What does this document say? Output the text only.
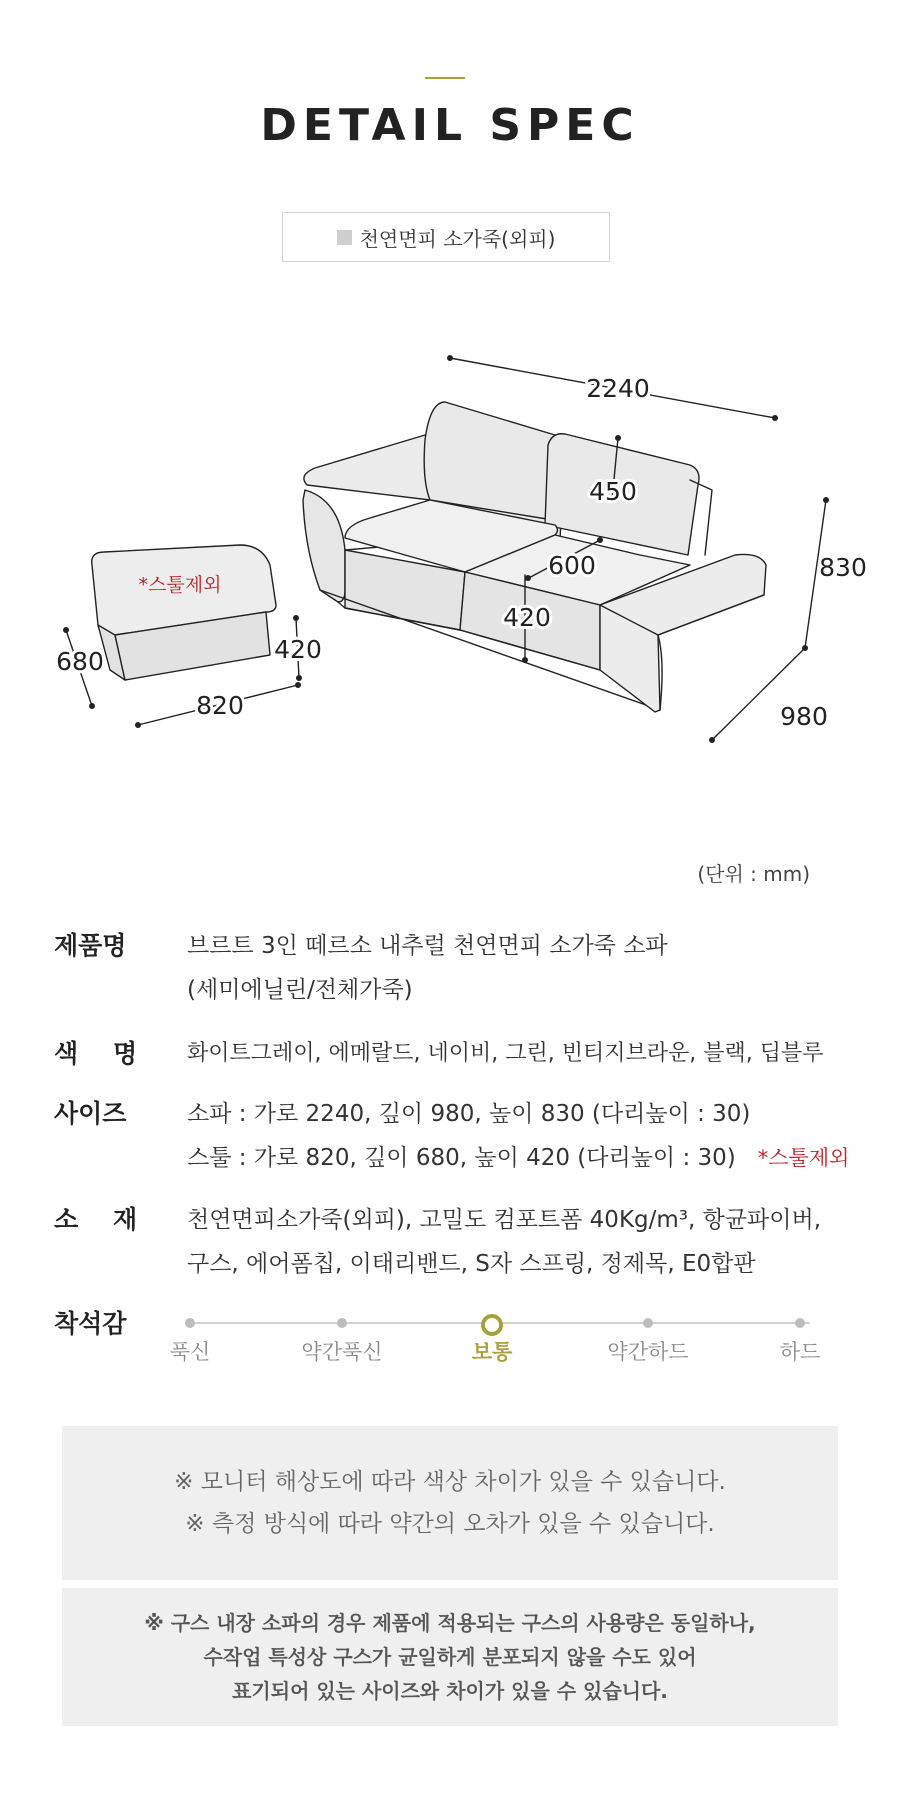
DETAIL SPEC
천연면피 소가죽(외피)
2240
450
600
420
830
980
*스툴제외
680	420
820
(단위 : mm)
제품명	브르트 3인 떼르소 내추럴 천연면피 소가죽 소파
(세미에닐린/전체가죽)
색    명 화이트그레이, 에메랄드, 네이비, 그린, 빈티지브라운, 블랙, 딥블루
사이즈	소파 : 가로 2240, 깊이 980, 높이 830 (다리높이 : 30)
스툴 : 가로 820, 깊이 680, 높이 420 (다리높이 : 30) *스툴제외
소    재 천연면피소가죽(외피), 고밀도 컴포트폼 40Kg/m³, 항균파이버,
구스, 에어폼칩, 이태리밴드, S자 스프링, 정제목, E0합판
착석감
푹신	약간푹신	보통	약간하드	하드
※ 모니터 해상도에 따라 색상 차이가 있을 수 있습니다.
※ 측정 방식에 따라 약간의 오차가 있을 수 있습니다.
※ 구스 내장 소파의 경우 제품에 적용되는 구스의 사용량은 동일하나,
수작업 특성상 구스가 균일하게 분포되지 않을 수도 있어
표기되어 있는 사이즈와 차이가 있을 수 있습니다.
